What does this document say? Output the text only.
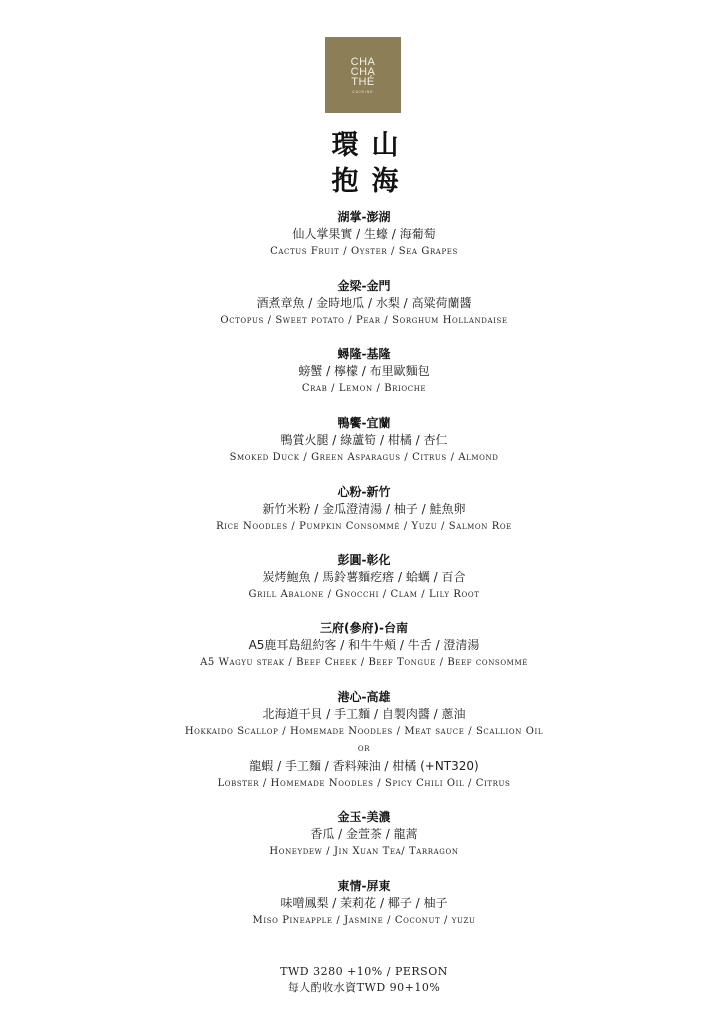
CHA
CHA
THÉ
CUISINE
環 山
抱 海
湖掌-澎湖
仙人掌果實 / 生蠔 / 海葡萄
Cactus Fruit / Oyster / Sea Grapes
金梁-金門
酒煮章魚 / 金時地瓜 / 水梨 / 高粱荷蘭醬
Octopus / Sweet potato / Pear / Sorghum Hollandaise
蟳隆-基隆
螃蟹 / 檸檬 / 布里歐麵包
Crab / Lemon / Brioche
鴨饗-宜蘭
鴨賞火腿 / 綠蘆筍 / 柑橘 / 杏仁
Smoked Duck / Green Asparagus / Citrus / Almond
心粉-新竹
新竹米粉 / 金瓜澄清湯 / 柚子 / 鮭魚卵
Rice Noodles / Pumpkin Consommé / Yuzu / Salmon Roe
彭圓-彰化
炭烤鮑魚 / 馬鈴薯麵疙瘩 / 蛤蠣 / 百合
Grill Abalone / Gnocchi / Clam / Lily Root
三府(參府)-台南
A5鹿耳島紐約客 / 和牛牛頰 / 牛舌 / 澄清湯
A5 Wagyu steak / Beef Cheek / Beef Tongue / Beef consommé
港心-高雄
北海道干貝 / 手工麵 / 自製肉醬 / 蔥油
Hokkaido Scallop / Homemade Noodles / Meat sauce / Scallion Oil
or
龍蝦 / 手工麵 / 香料辣油 / 柑橘 (+NT320)
Lobster / Homemade Noodles / Spicy Chili Oil / Citrus
金玉-美濃
香瓜 / 金萱茶 / 龍蒿
Honeydew / Jin Xuan Tea/ Tarragon
東情-屏東
味噌鳳梨 / 茉莉花 / 椰子 / 柚子
Miso Pineapple / Jasmine / Coconut / yuzu
TWD 3280 +10% / PERSON
每人酌收水資TWD 90+10%
